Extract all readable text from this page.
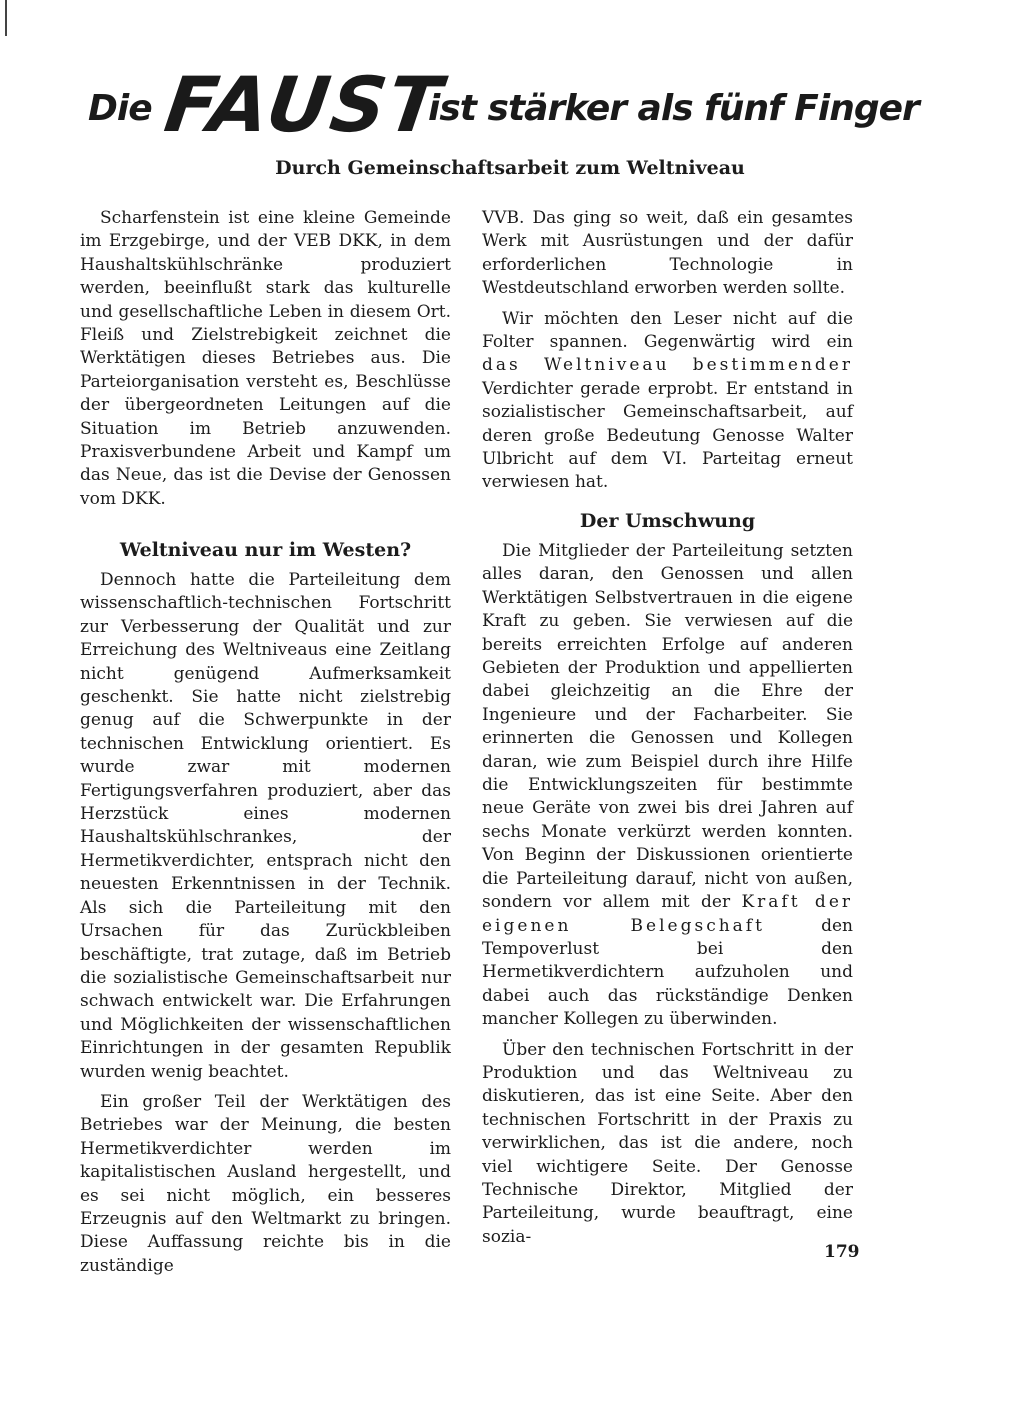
Die FAUST
ist stärker als fünf Finger
Durch Gemeinschaftsarbeit zum Weltniveau

Scharfenstein ist eine kleine Gemeinde im Erzgebirge, und der VEB DKK, in dem Haushaltskühlschränke produziert werden, beeinflußt stark das kulturelle und gesellschaftliche Leben in diesem Ort. Fleiß und Zielstrebigkeit zeichnet die Werktätigen dieses Betriebes aus. Die Parteiorganisation versteht es, Beschlüsse der übergeordneten Leitungen auf die Situation im Betrieb anzuwenden. Praxisverbundene Arbeit und Kampf um das Neue, das ist die Devise der Genossen vom DKK.

Weltniveau nur im Westen?

Dennoch hatte die Parteileitung dem wissenschaftlich-technischen Fortschritt zur Verbesserung der Qualität und zur Erreichung des Weltniveaus eine Zeitlang nicht genügend Aufmerksamkeit geschenkt. Sie hatte nicht zielstrebig genug auf die Schwerpunkte in der technischen Entwicklung orientiert. Es wurde zwar mit modernen Fertigungsverfahren produziert, aber das Herzstück eines modernen Haushaltskühlschrankes, der Hermetikverdichter, entsprach nicht den neuesten Erkenntnissen in der Technik. Als sich die Parteileitung mit den Ursachen für das Zurückbleiben beschäftigte, trat zutage, daß im Betrieb die sozialistische Gemeinschaftsarbeit nur schwach entwickelt war. Die Erfahrungen und Möglichkeiten der wissenschaftlichen Einrichtungen in der gesamten Republik wurden wenig beachtet.

Ein großer Teil der Werktätigen des Betriebes war der Meinung, die besten Hermetikverdichter werden im kapitalistischen Ausland hergestellt, und es sei nicht möglich, ein besseres Erzeugnis auf den Weltmarkt zu bringen. Diese Auffassung reichte bis in die zuständige

VVB. Das ging so weit, daß ein gesamtes Werk mit Ausrüstungen und der dafür erforderlichen Technologie in Westdeutschland erworben werden sollte.

Wir möchten den Leser nicht auf die Folter spannen. Gegenwärtig wird ein das Weltniveau bestimmender Verdichter gerade erprobt. Er entstand in sozialistischer Gemeinschaftsarbeit, auf deren große Bedeutung Genosse Walter Ulbricht auf dem VI. Parteitag erneut verwiesen hat.

Der Umschwung

Die Mitglieder der Parteileitung setzten alles daran, den Genossen und allen Werktätigen Selbstvertrauen in die eigene Kraft zu geben. Sie verwiesen auf die bereits erreichten Erfolge auf anderen Gebieten der Produktion und appellierten dabei gleichzeitig an die Ehre der Ingenieure und der Facharbeiter. Sie erinnerten die Genossen und Kollegen daran, wie zum Beispiel durch ihre Hilfe die Entwicklungszeiten für bestimmte neue Geräte von zwei bis drei Jahren auf sechs Monate verkürzt werden konnten. Von Beginn der Diskussionen orientierte die Parteileitung darauf, nicht von außen, sondern vor allem mit der Kraft der eigenen Belegschaft	den Tempoverlust bei den Hermetikverdichtern aufzuholen und dabei auch das rückständige Denken mancher Kollegen zu überwinden.

Über den technischen Fortschritt in der Produktion und das Weltniveau zu diskutieren, das ist eine Seite. Aber den technischen Fortschritt in der Praxis zu verwirklichen, das ist die andere, noch viel wichtigere Seite. Der Genosse Technische Direktor, Mitglied der Parteileitung, wurde beauftragt, eine sozia-

179
